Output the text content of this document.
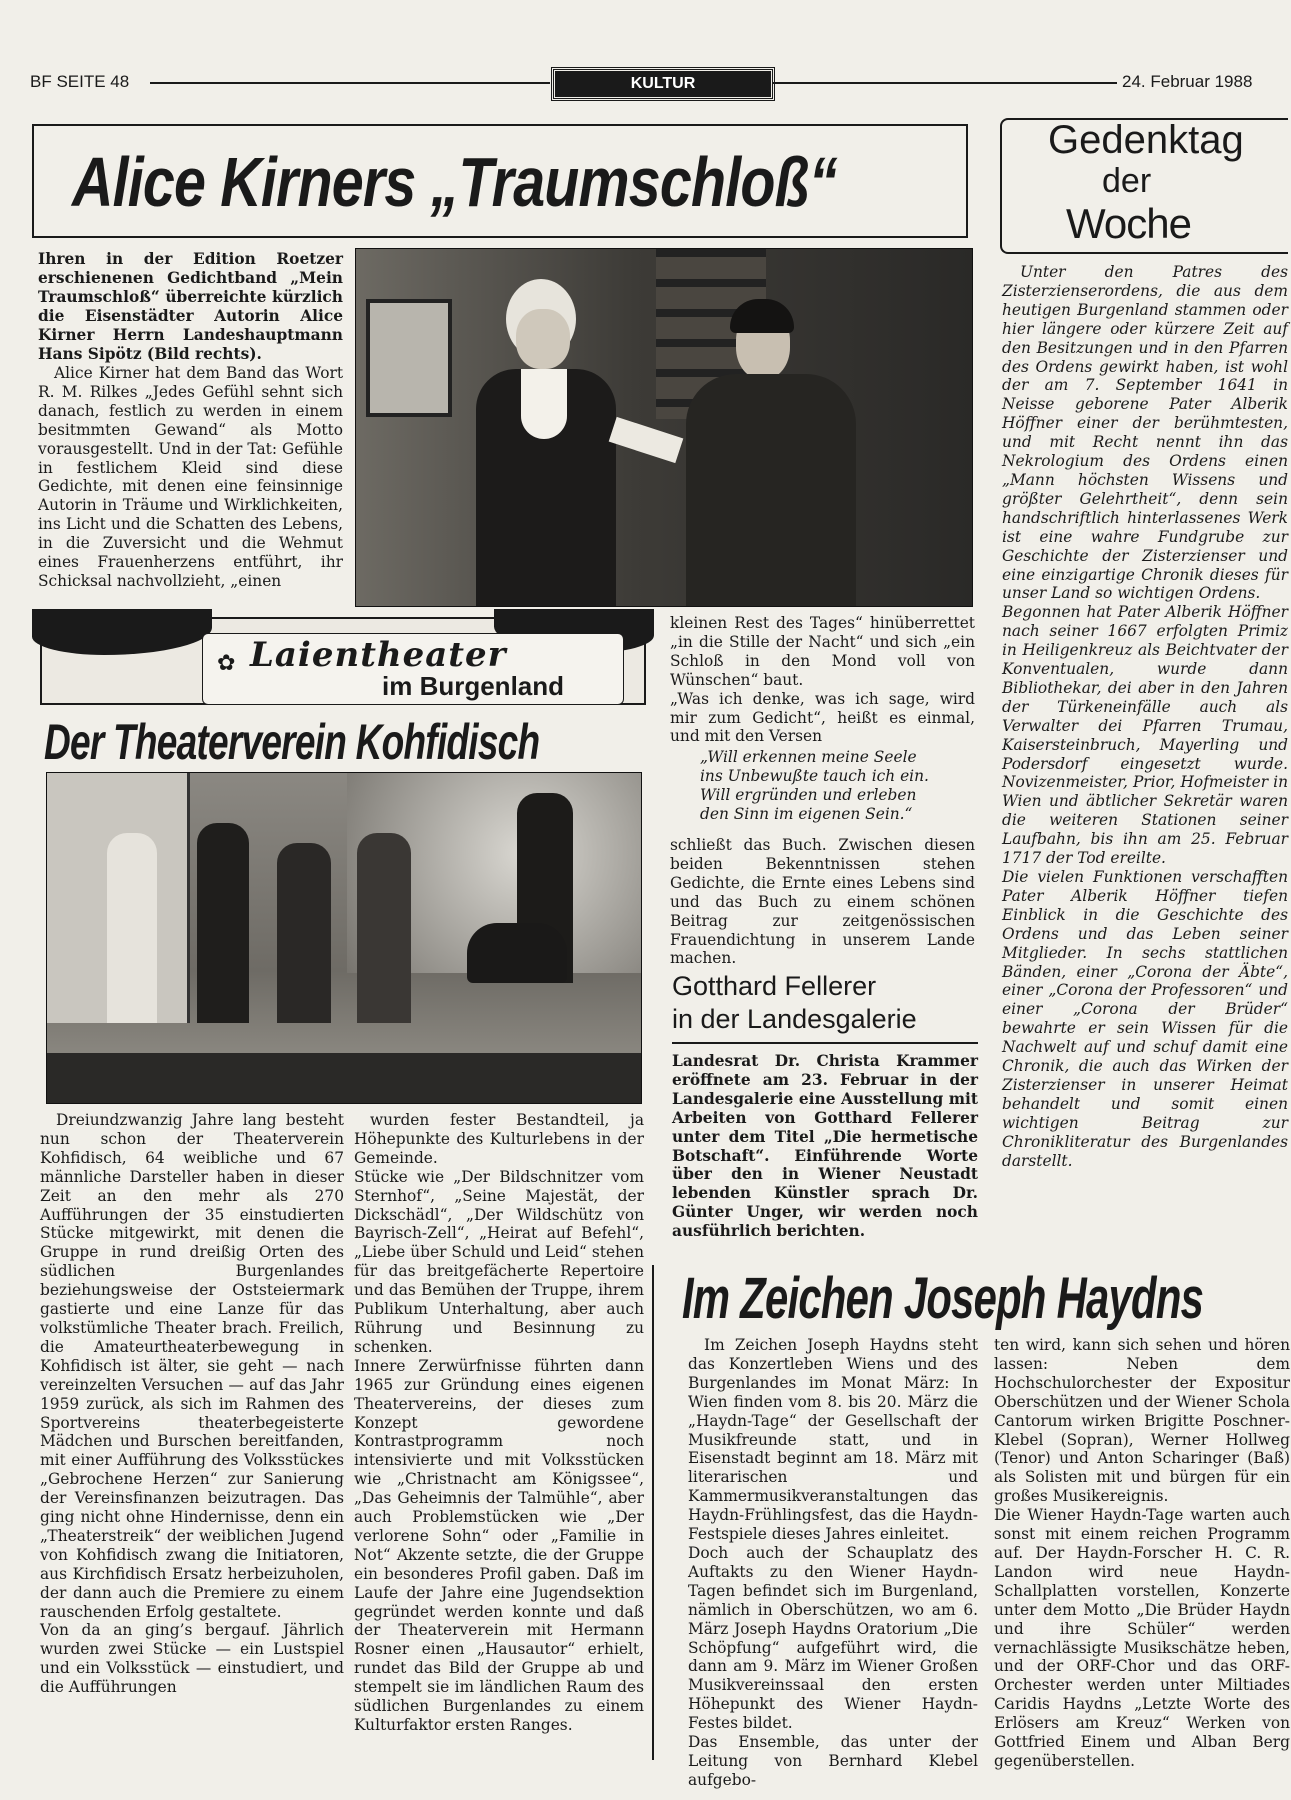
BF SEITE 48	KULTUR	24. Februar 1988
Alice Kirners „Traumschloß“

Ihren in der Edition Roetzer erschienenen Gedichtband „Mein Traumschloß“ überreichte kürzlich die Eisenstädter Autorin Alice Kirner Herrn Landeshauptmann Hans Sipötz (Bild rechts).

Alice Kirner hat dem Band das Wort R. M. Rilkes „Jedes Gefühl sehnt sich danach, festlich zu werden in einem besitmmten Gewand“ als Motto vorausgestellt. Und in der Tat: Gefühle in festlichem Kleid sind diese Gedichte, mit denen eine feinsinnige Autorin in Träume und Wirklichkeiten, ins Licht und die Schatten des Lebens, in die Zuversicht und die Wehmut eines Frauenherzens entführt, ihr Schicksal nachvollzieht, „einen

Gedenktag
der
Woche

Unter den Patres des Zisterzienserordens, die aus dem heutigen Burgenland stammen oder hier längere oder kürzere Zeit auf den Besitzungen und in den Pfarren des Ordens gewirkt haben, ist wohl der am 7. September 1641 in Neisse geborene Pater Alberik Höffner einer der berühmtesten, und mit Recht nennt ihn das Nekrologium des Ordens einen „Mann höchsten Wissens und größter Gelehrtheit“, denn sein handschriftlich hinterlassenes Werk ist eine wahre Fundgrube zur Geschichte der Zisterzienser und eine einzigartige Chronik dieses für unser Land so wichtigen Ordens.
Begonnen hat Pater Alberik Höffner nach seiner 1667 erfolgten Primiz in Heiligenkreuz als Beichtvater der Konventualen, wurde dann Bibliothekar, dei aber in den Jahren der Türkeneinfälle auch als Verwalter dei Pfarren Trumau, Kaisersteinbruch, Mayerling und Podersdorf eingesetzt wurde. Novizenmeister, Prior, Hofmeister in Wien und äbtlicher Sekretär waren die weiteren Stationen seiner Laufbahn, bis ihn am 25. Februar 1717 der Tod ereilte.
Die vielen Funktionen verschafften Pater Alberik Höffner tiefen Einblick in die Geschichte des Ordens und das Leben seiner Mitglieder. In sechs stattlichen Bänden, einer „Corona der Äbte“, einer „Corona der Professoren“ und einer „Corona der Brüder“ bewahrte er sein Wissen für die Nachwelt auf und schuf damit eine Chronik, die auch das Wirken der Zisterzienser in unserer Heimat behandelt und somit einen wichtigen Beitrag zur Chronikliteratur des Burgenlandes darstellt.

✿ Laientheater
im Burgenland
Der Theaterverein Kohfidisch

Dreiundzwanzig Jahre lang besteht nun schon der Theaterverein Kohfidisch, 64 weibliche und 67 männliche Darsteller haben in dieser Zeit an den mehr als 270 Aufführungen der 35 einstudierten Stücke mitgewirkt, mit denen die Gruppe in rund dreißig Orten des südlichen Burgenlandes beziehungsweise der Oststeiermark gastierte und eine Lanze für das volkstümliche Theater brach. Freilich, die Amateurtheaterbewegung in Kohfidisch ist älter, sie geht — nach vereinzelten Versuchen — auf das Jahr 1959 zurück, als sich im Rahmen des Sportvereins theaterbegeisterte Mädchen und Burschen bereitfanden, mit einer Aufführung des Volksstückes „Gebrochene Herzen“ zur Sanierung der Vereinsfinanzen beizutragen. Das ging nicht ohne Hindernisse, denn ein „Theaterstreik“ der weiblichen Jugend von Kohfidisch zwang die Initiatoren, aus Kirchfidisch Ersatz herbeizuholen, der dann auch die Premiere zu einem rauschenden Erfolg gestaltete.
Von da an ging’s bergauf. Jährlich wurden zwei Stücke — ein Lustspiel und ein Volksstück — einstudiert, und die Aufführungen

wurden fester Bestandteil, ja Höhepunkte des Kulturlebens in der Gemeinde.
Stücke wie „Der Bildschnitzer vom Sternhof“, „Seine Majestät, der Dickschädl“, „Der Wildschütz von Bayrisch-Zell“, „Heirat auf Befehl“, „Liebe über Schuld und Leid“ stehen für das breitgefächerte Repertoire und das Bemühen der Truppe, ihrem Publikum Unterhaltung, aber auch Rührung und Besinnung zu schenken.
Innere Zerwürfnisse führten dann 1965 zur Gründung eines eigenen Theatervereins, der dieses zum Konzept gewordene Kontrastprogramm noch intensivierte und mit Volksstücken wie „Christnacht am Königssee“, „Das Geheimnis der Talmühle“, aber auch Problemstücken wie „Der verlorene Sohn“ oder „Familie in Not“ Akzente setzte, die der Gruppe ein besonderes Profil gaben. Daß im Laufe der Jahre eine Jugendsektion gegründet werden konnte und daß der Theaterverein mit Hermann Rosner einen „Hausautor“ erhielt, rundet das Bild der Gruppe ab und stempelt sie im ländlichen Raum des südlichen Burgenlandes zu einem Kulturfaktor ersten Ranges.

kleinen Rest des Tages“ hinüberrettet „in die Stille der Nacht“ und sich „ein Schloß in den Mond voll von Wünschen“ baut.
„Was ich denke, was ich sage, wird mir zum Gedicht“, heißt es einmal, und mit den Versen

„Will erkennen meine Seele
ins Unbewußte tauch ich ein.
Will ergründen und erleben
den Sinn im eigenen Sein.“

schließt das Buch. Zwischen diesen beiden Bekenntnissen stehen Gedichte, die Ernte eines Lebens sind und das Buch zu einem schönen Beitrag zur zeitgenössischen Frauendichtung in unserem Lande machen.

Gotthard Fellerer
in der Landesgalerie

Landesrat Dr. Christa Krammer eröffnete am 23. Februar in der Landesgalerie eine Ausstellung mit Arbeiten von Gotthard Fellerer unter dem Titel „Die hermetische Botschaft“. Einführende Worte über den in Wiener Neustadt lebenden Künstler sprach Dr. Günter Unger, wir werden noch ausführlich berichten.

Im Zeichen Joseph Haydns

Im Zeichen Joseph Haydns steht das Konzertleben Wiens und des Burgenlandes im Monat März: In Wien finden vom 8. bis 20. März die „Haydn-Tage“ der Gesellschaft der Musikfreunde statt, und in Eisenstadt beginnt am 18. März mit literarischen und Kammermusikveranstaltungen das Haydn-Frühlingsfest, das die Haydn-Festspiele dieses Jahres einleitet.
Doch auch der Schauplatz des Auftakts zu den Wiener Haydn-Tagen befindet sich im Burgenland, nämlich in Oberschützen, wo am 6. März Joseph Haydns Oratorium „Die Schöpfung“ aufgeführt wird, die dann am 9. März im Wiener Großen Musikvereinssaal den ersten Höhepunkt des Wiener Haydn-Festes bildet.
Das Ensemble, das unter der Leitung von Bernhard Klebel aufgebo-

ten wird, kann sich sehen und hören lassen: Neben dem Hochschulorchester der Expositur Oberschützen und der Wiener Schola Cantorum wirken Brigitte Poschner-Klebel (Sopran), Werner Hollweg (Tenor) und Anton Scharinger (Baß) als Solisten mit und bürgen für ein großes Musikereignis.
Die Wiener Haydn-Tage warten auch sonst mit einem reichen Programm auf. Der Haydn-Forscher H. C. R. Landon wird neue Haydn-Schallplatten vorstellen, Konzerte unter dem Motto „Die Brüder Haydn und ihre Schüler“ werden vernachlässigte Musikschätze heben, und der ORF-Chor und das ORF-Orchester werden unter Miltiades Caridis Haydns „Letzte Worte des Erlösers am Kreuz“ Werken von Gottfried Einem und Alban Berg gegenüberstellen.
